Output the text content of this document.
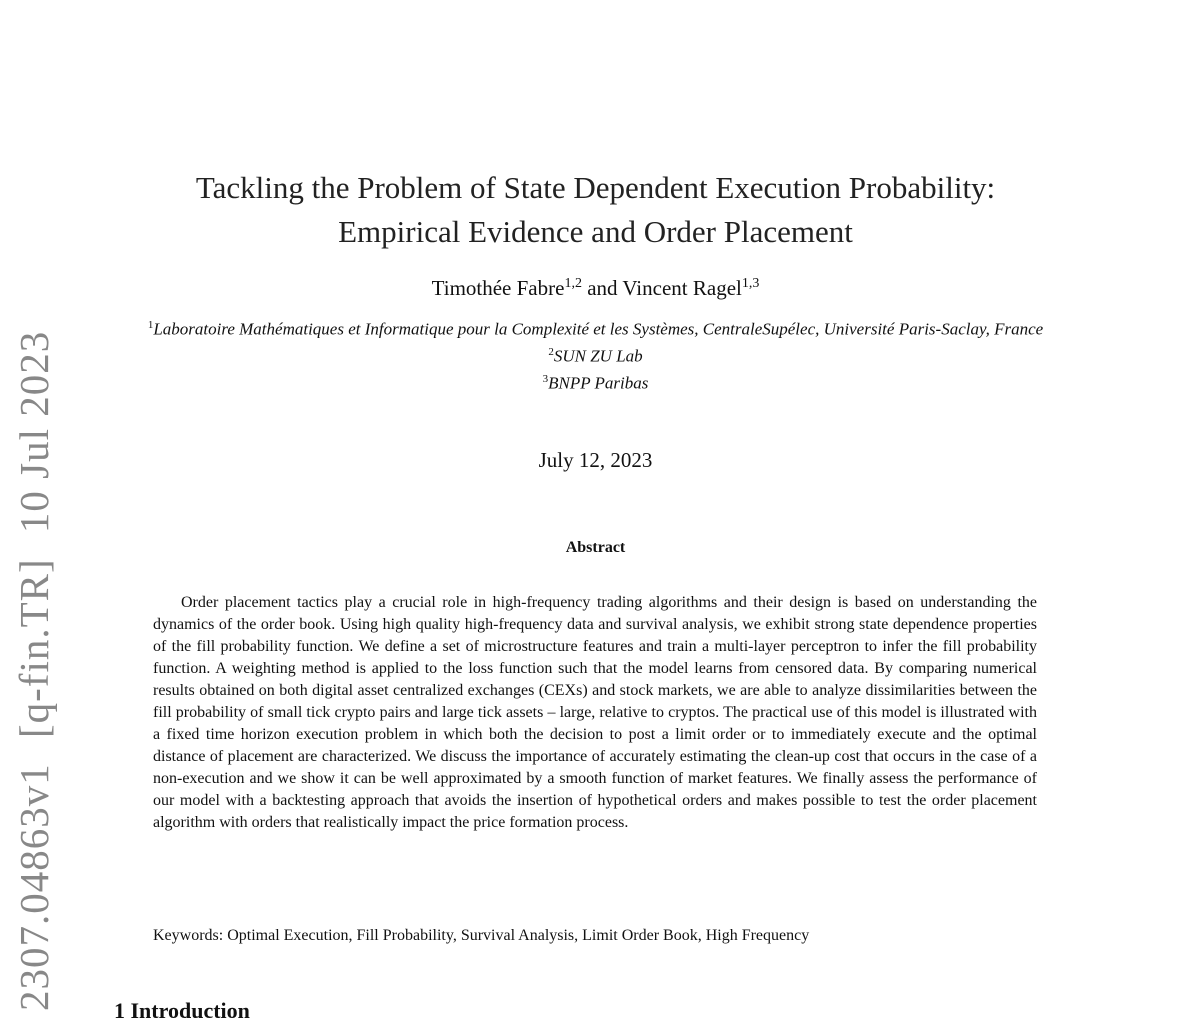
2307.04863v1 [q-fin.TR] 10 Jul 2023
Tackling the Problem of State Dependent Execution Probability:
Empirical Evidence and Order Placement
Timothée Fabre$^{1,2}$ and Vincent Ragel$^{1,3}$
$^1$Laboratoire Mathématiques et Informatique pour la Complexité et les Systèmes, CentraleSupélec, Université Paris-Saclay, France
$^2$SUN ZU Lab
$^3$BNPP Paribas
July 12, 2023
Abstract

Order placement tactics play a crucial role in high-frequency trading algorithms and their design is based on understanding the dynamics of the order book. Using high quality high-frequency data and survival analysis, we exhibit strong state dependence properties of the fill probability function. We define a set of microstructure features and train a multi-layer perceptron to infer the fill probability function. A weighting method is applied to the loss function such that the model learns from censored data. By comparing numerical results obtained on both digital asset centralized exchanges (CEXs) and stock markets, we are able to analyze dissimilarities between the fill probability of small tick crypto pairs and large tick assets – large, relative to cryptos. The practical use of this model is illustrated with a fixed time horizon execution problem in which both the decision to post a limit order or to immediately execute and the optimal distance of placement are characterized. We discuss the importance of accurately estimating the clean-up cost that occurs in the case of a non-execution and we show it can be well approximated by a smooth function of market features. We finally assess the performance of our model with a backtesting approach that avoids the insertion of hypothetical orders and makes possible to test the order placement algorithm with orders that realistically impact the price formation process.

Keywords: Optimal Execution, Fill Probability, Survival Analysis, Limit Order Book, High Frequency
1 Introduction
